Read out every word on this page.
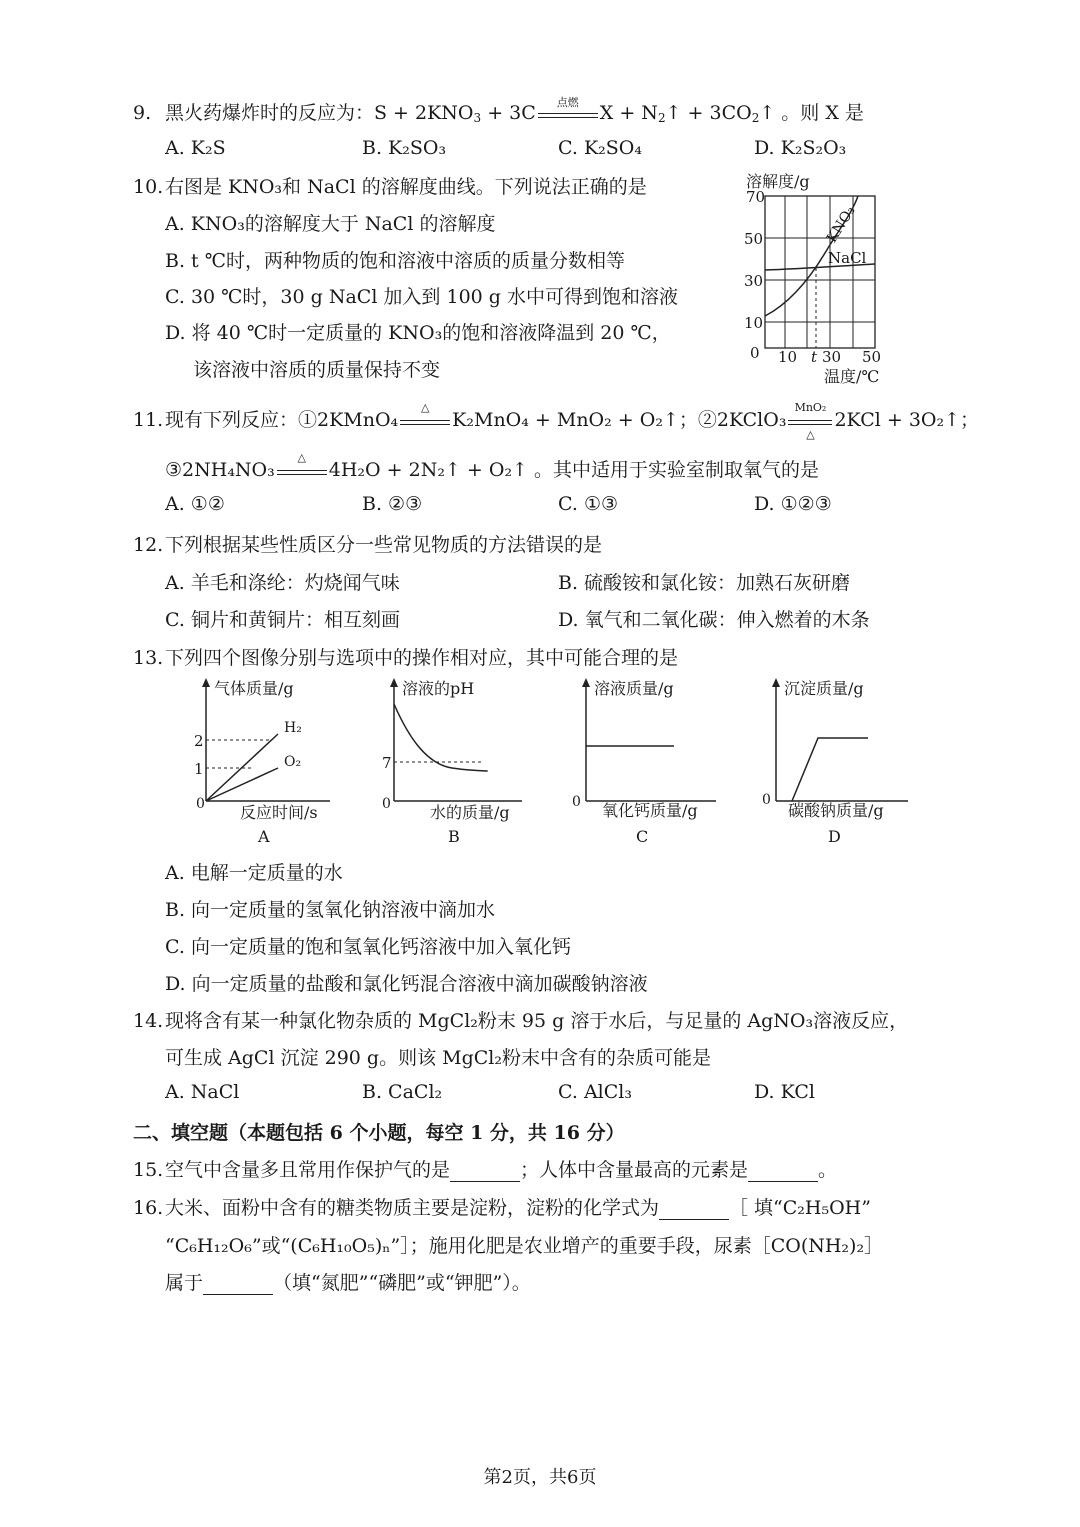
9. 黑火药爆炸时的反应为：$S + 2KNO_3 + 3C$	点燃	$X + N_2↑$ + $3CO_2↑$ 。则 X 是
A. K₂S	B. K₂SO₃	C. K₂SO₄	D. K₂S₂O₃
10.右图是 KNO₃和 NaCl 的溶解度曲线。下列说法正确的是
A. KNO₃的溶解度大于 NaCl 的溶解度
B. t ℃时，两种物质的饱和溶液中溶质的质量分数相等
C. 30 ℃时，30 g NaCl 加入到 100 g 水中可得到饱和溶液
D. 将 40 ℃时一定质量的 KNO₃的饱和溶液降温到 20 ℃，
该溶液中溶质的质量保持不变
溶解度/g
KNO₃
NaCl
70
50
30
10
0 10 t 30 50
温度/℃
11.现有下列反应：①2KMnO₄
△
K₂MnO₄ + MnO₂ + O₂↑；②2KClO₃
MnO₂
△
2KCl + 3O₂↑；
③2NH₄NO₃
△
4H₂O + 2N₂↑ + O₂↑ 。其中适用于实验室制取氧气的是
A. ①②	B. ②③	C. ①③	D. ①②③
12.下列根据某些性质区分一些常见物质的方法错误的是
A. 羊毛和涤纶：灼烧闻气味	B. 硫酸铵和氯化铵：加熟石灰研磨
C. 铜片和黄铜片：相互刻画	D. 氧气和二氧化碳：伸入燃着的木条
13.下列四个图像分别与选项中的操作相对应，其中可能合理的是
气体质量/g
2
1
H₂
O₂
0 反应时间/s
A
溶液的pH
7
0 水的质量/g
B
溶液质量/g
0 氧化钙质量/g
C
沉淀质量/g
0
碳酸钠质量/g
D
A. 电解一定质量的水
B. 向一定质量的氢氧化钠溶液中滴加水
C. 向一定质量的饱和氢氧化钙溶液中加入氧化钙
D. 向一定质量的盐酸和氯化钙混合溶液中滴加碳酸钠溶液
14.现将含有某一种氯化物杂质的 MgCl₂粉末 95 g 溶于水后，与足量的 AgNO₃溶液反应，
可生成 AgCl 沉淀 290 g。则该 MgCl₂粉末中含有的杂质可能是
A. NaCl	B. CaCl₂	C. AlCl₃	D. KCl
二、填空题（本题包括 6 个小题，每空 1 分，共 16 分）
15.空气中含量多且常用作保护气的是	；人体中含量最高的元素是	。
16.大米、面粉中含有的糖类物质主要是淀粉，淀粉的化学式为	［ 填“C₂H₅OH”
“C₆H₁₂O₆”或“(C₆H₁₀O₅)ₙ”］；施用化肥是农业增产的重要手段，尿素［CO(NH₂)₂］
属于	（填“氮肥”“磷肥”或“钾肥”）。
第2页，共6页
